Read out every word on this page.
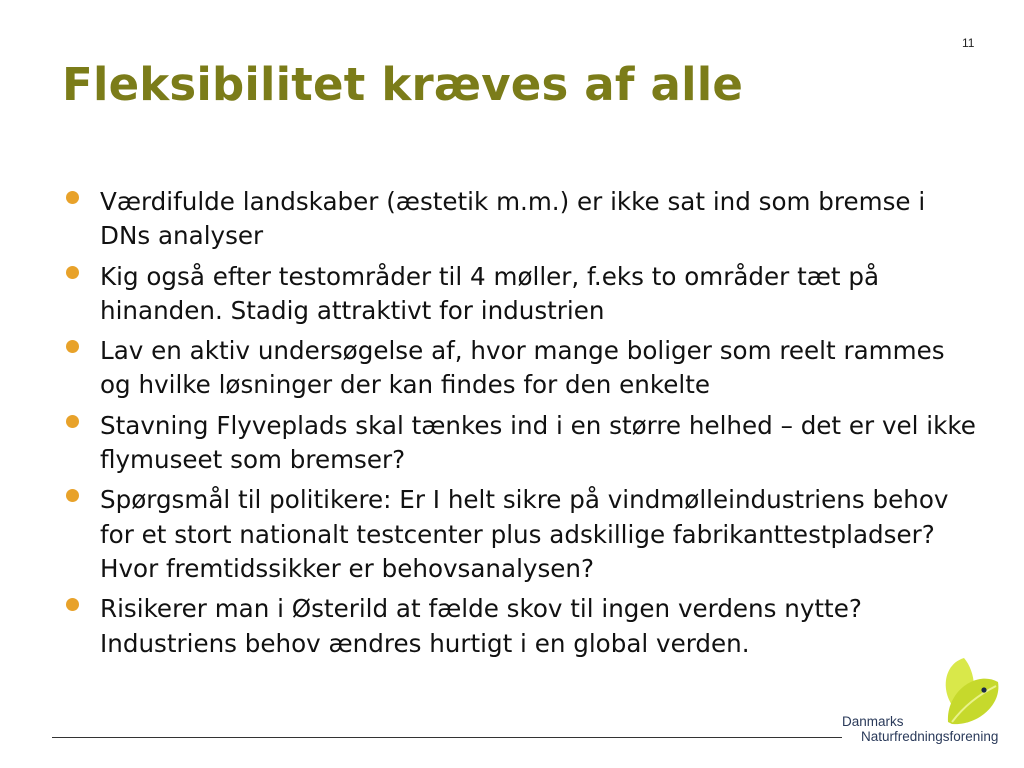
11
Fleksibilitet kræves af alle
Værdifulde landskaber (æstetik m.m.) er ikke sat ind som bremse i DNs analyser
Kig også efter testområder til 4 møller, f.eks to områder tæt på hinanden. Stadig attraktivt for industrien
Lav en aktiv undersøgelse af, hvor mange boliger som reelt rammes og hvilke løsninger der kan findes for den enkelte
Stavning Flyveplads skal tænkes ind i en større helhed – det er vel ikke flymuseet som bremser?
Spørgsmål til politikere: Er I helt sikre på vindmølleindustriens behov for et stort nationalt testcenter plus adskillige fabrikanttestpladser? Hvor fremtidssikker er behovsanalysen?
Risikerer man i Østerild at fælde skov til ingen verdens nytte? Industriens behov ændres hurtigt i en global verden.
Danmarks
Naturfredningsforening
